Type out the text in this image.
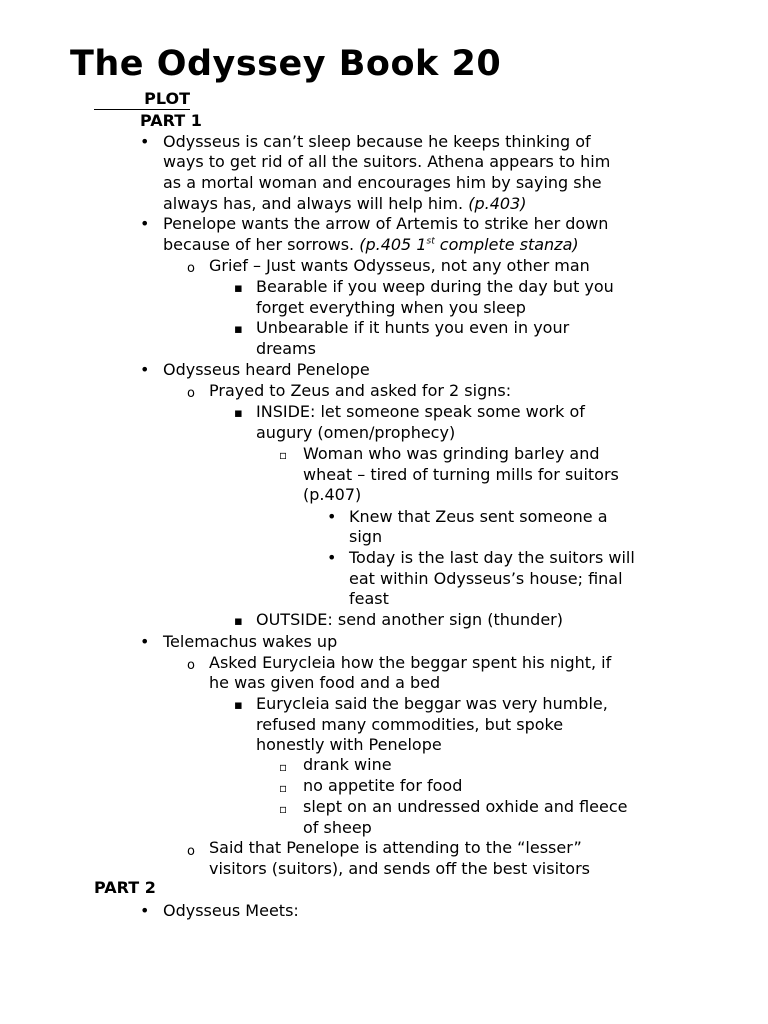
The Odyssey Book 20
PLOT
PART 1
•
Odysseus is can’t sleep because he keeps thinking of
ways to get rid of all the suitors. Athena appears to him
as a mortal woman and encourages him by saying she
always has, and always will help him. (p.403)
•
Penelope wants the arrow of Artemis to strike her down
because of her sorrows. (p.405 1st complete stanza)
o
Grief – Just wants Odysseus, not any other man
▪
Bearable if you weep during the day but you
forget everything when you sleep
▪
Unbearable if it hunts you even in your
dreams
•
Odysseus heard Penelope
o
Prayed to Zeus and asked for 2 signs:
▪
INSIDE: let someone speak some work of
augury (omen/prophecy)
▫
Woman who was grinding barley and
wheat – tired of turning mills for suitors
(p.407)
•
Knew that Zeus sent someone a
sign
•
Today is the last day the suitors will
eat within Odysseus’s house; final
feast
▪
OUTSIDE: send another sign (thunder)
•
Telemachus wakes up
o
Asked Eurycleia how the beggar spent his night, if
he was given food and a bed
▪
Eurycleia said the beggar was very humble,
refused many commodities, but spoke
honestly with Penelope
▫
drank wine
▫
no appetite for food
▫
slept on an undressed oxhide and fleece
of sheep
o
Said that Penelope is attending to the “lesser”
visitors (suitors), and sends off the best visitors
PART 2
•
Odysseus Meets:
